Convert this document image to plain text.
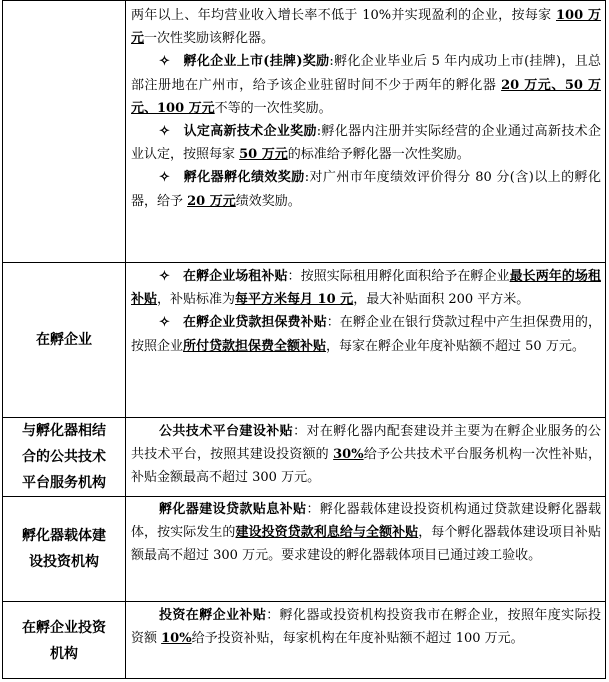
两年以上、年均营业收入增长率不低于 10%并实现盈利的企业，按每家 100 万元一次性奖励该孵化器。

✧　 孵化企业上市(挂牌)奖励:孵化企业毕业后 5 年内成功上市(挂牌)，且总部注册地在广州市，给予该企业驻留时间不少于两年的孵化器 20 万元、50 万元、100 万元不等的一次性奖励。

✧　 认定高新技术企业奖励:孵化器内注册并实际经营的企业通过高新技术企业认定，按照每家 50 万元的标准给予孵化器一次性奖励。

✧　 孵化器孵化绩效奖励:对广州市年度绩效评价得分 80 分(含)以上的孵化器，给予 20 万元绩效奖励。

在孵企业

✧　 在孵企业场租补贴：按照实际租用孵化面积给予在孵企业最长两年的场租补贴，补贴标准为每平方米每月 10 元，最大补贴面积 200 平方米。

✧　 在孵企业贷款担保费补贴：在孵企业在银行贷款过程中产生担保费用的，按照企业所付贷款担保费全额补贴，每家在孵企业年度补贴额不超过 50 万元。

与孵化器相结
合的公共技术
平台服务机构

公共技术平台建设补贴：对在孵化器内配套建设并主要为在孵企业服务的公共技术平台，按照其建设投资额的 30%给予公共技术平台服务机构一次性补贴，补贴金额最高不超过 300 万元。

孵化器载体建
设投资机构

孵化器建设贷款贴息补贴：孵化器载体建设投资机构通过贷款建设孵化器载体，按实际发生的建设投资贷款利息给与全额补贴，每个孵化器载体建设项目补贴额最高不超过 300 万元。要求建设的孵化器载体项目已通过竣工验收。

在孵企业投资
机构

投资在孵企业补贴：孵化器或投资机构投资我市在孵企业，按照年度实际投资额 10%给予投资补贴，每家机构在年度补贴额不超过 100 万元。
